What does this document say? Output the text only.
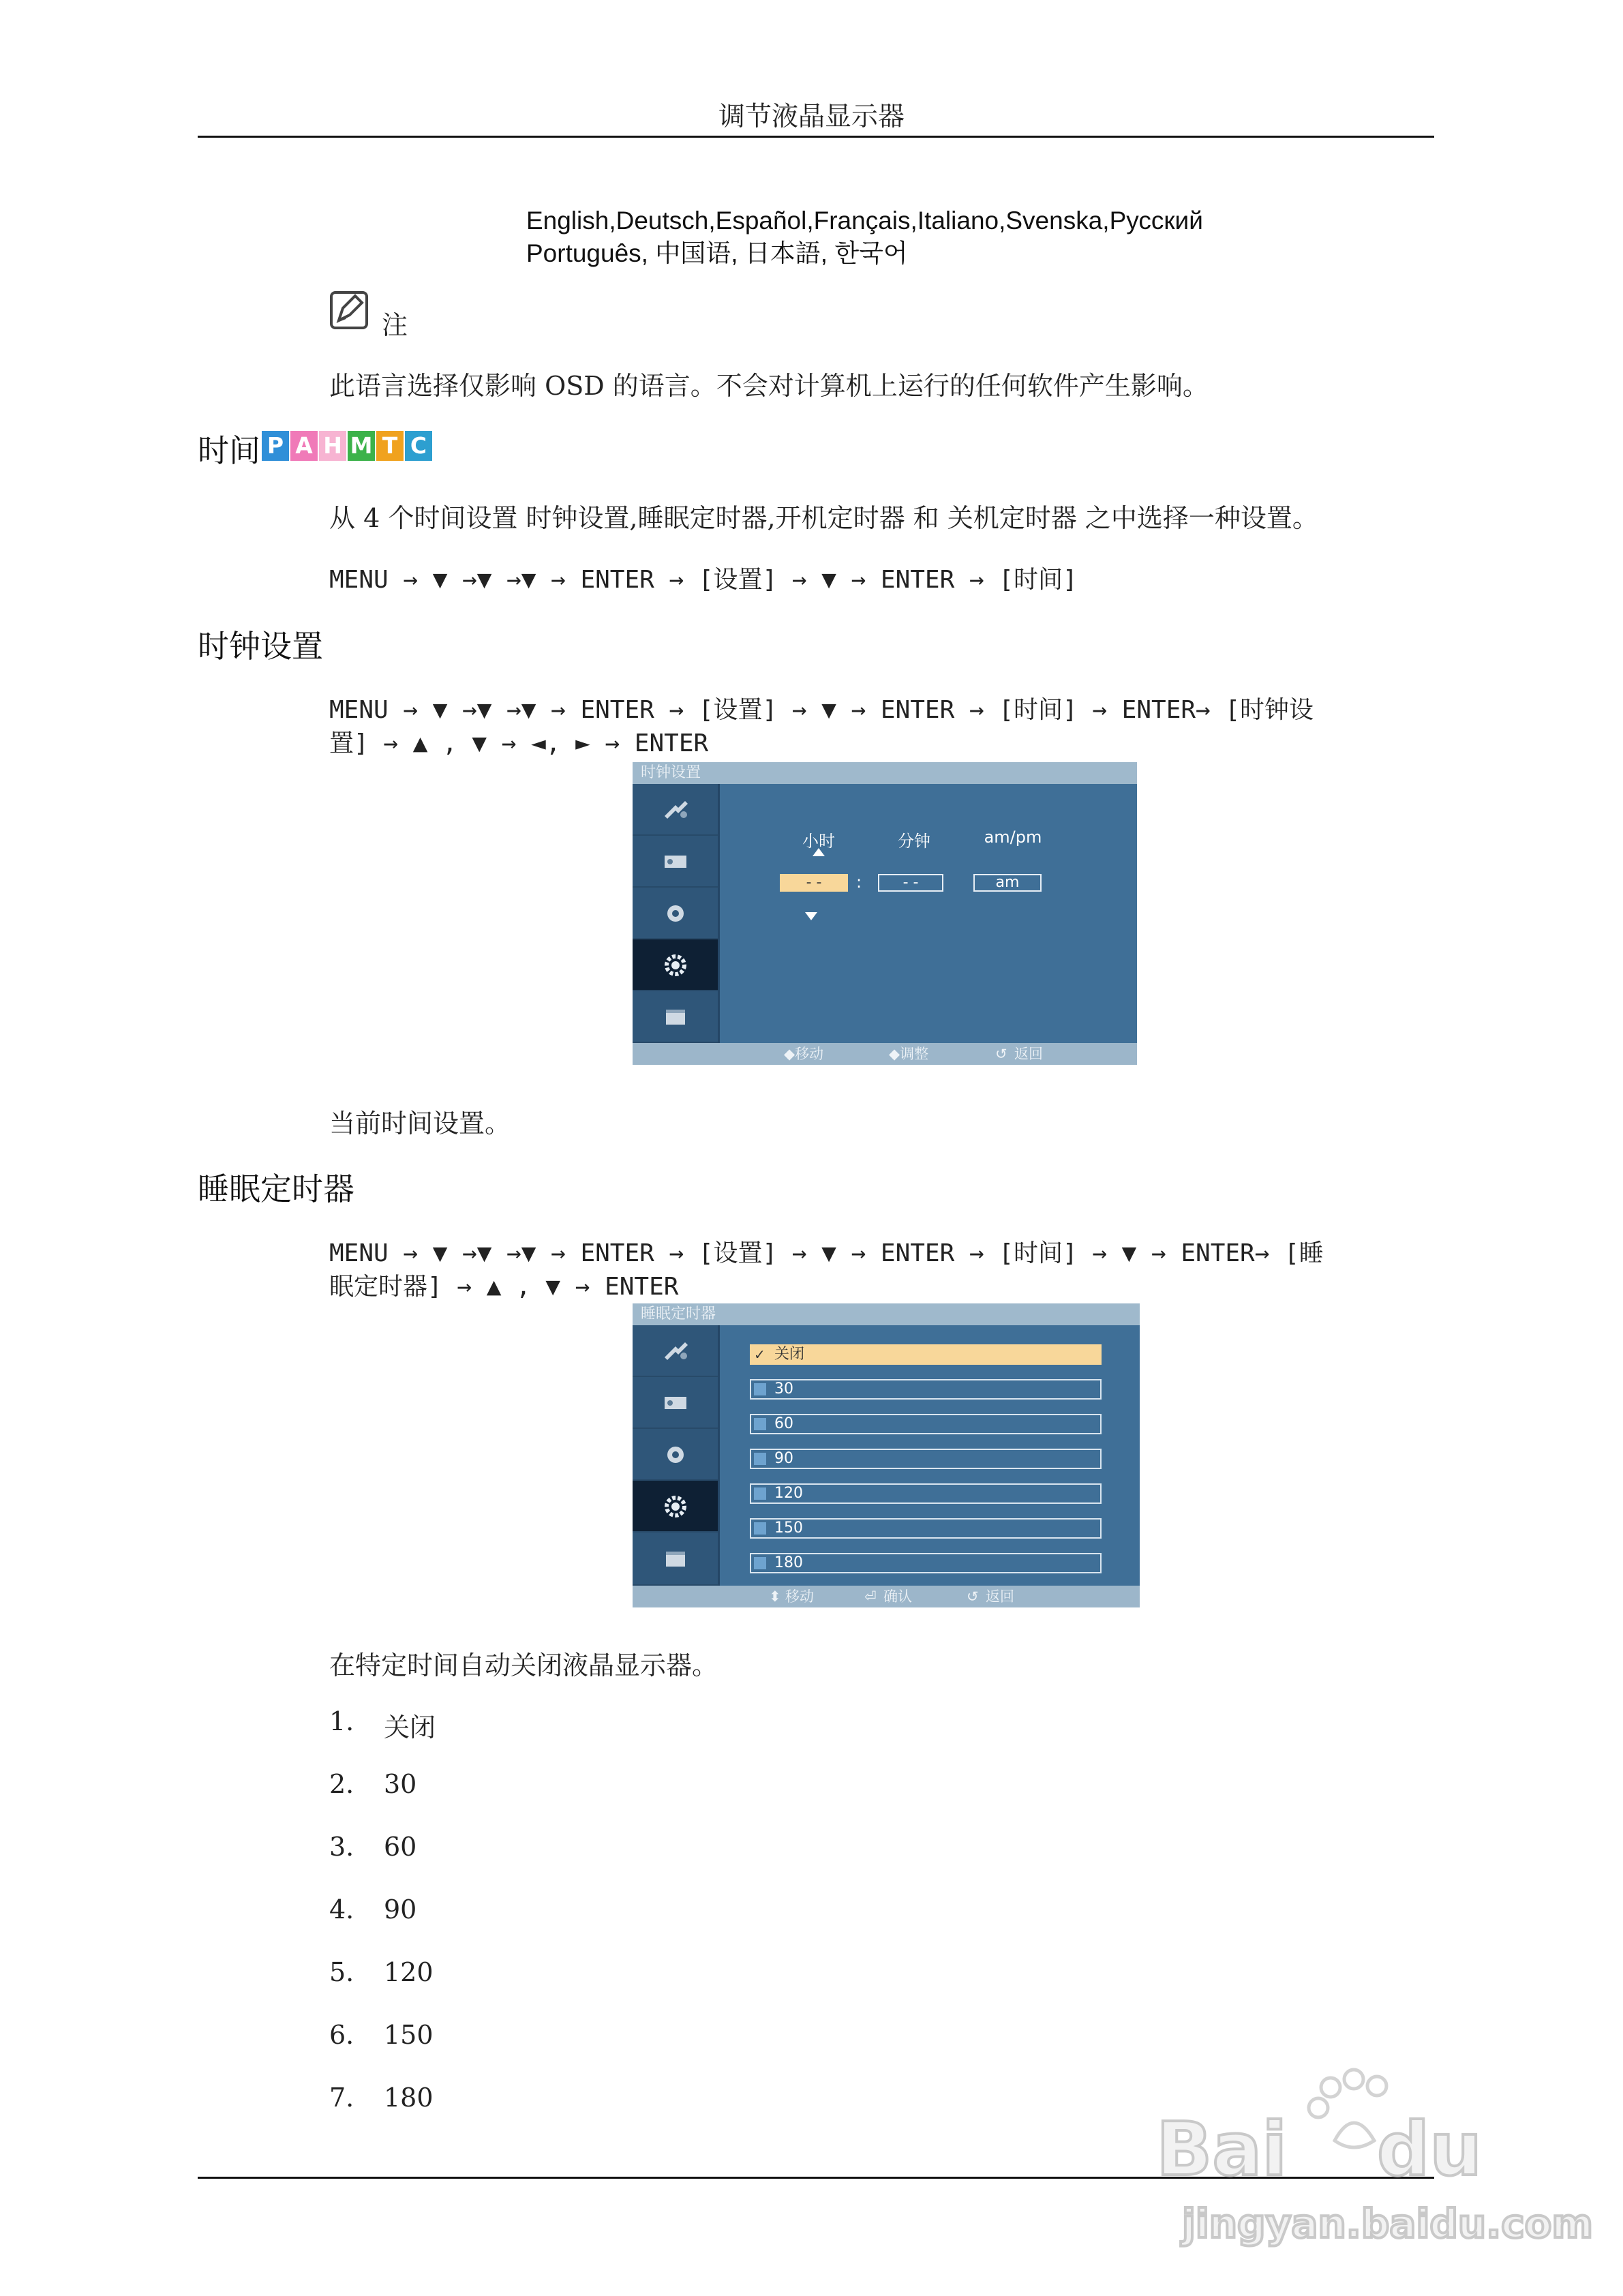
调节液晶显示器
English,Deutsch,Español,Français,Italiano,Svenska,Pусский
Português, 中国语, 日本語, 한국어
注
此语言选择仅影响 OSD 的语言。不会对计算机上运行的任何软件产生影响。
时间 P A H M T C
从 4 个时间设置 时钟设置,睡眠定时器,开机定时器 和 关机定时器 之中选择一种设置。
MENU → ▼ →▼ →▼ → ENTER → [设置] → ▼ → ENTER → [时间]
时钟设置
MENU → ▼ →▼ →▼ → ENTER → [设置] → ▼ → ENTER → [时间] → ENTER→ [时钟设
置] → ▲ , ▼ → ◄, ► → ENTER
时钟设置
小时	分钟	am/pm
- -	:	- -	am
◆移动	◆调整	↺ 返回
当前时间设置。
睡眠定时器
MENU → ▼ →▼ →▼ → ENTER → [设置] → ▼ → ENTER → [时间] → ▼ → ENTER→ [睡
眠定时器] → ▲ , ▼ → ENTER
睡眠定时器
✓ 关闭
30
60
90
120
150
180
⬍ 移动	⏎ 确认	↺ 返回
在特定时间自动关闭液晶显示器。
1. 关闭
2. 30
3. 60
4. 90
5. 120
6. 150
7. 180
Bai du
jingyan.baidu.com
